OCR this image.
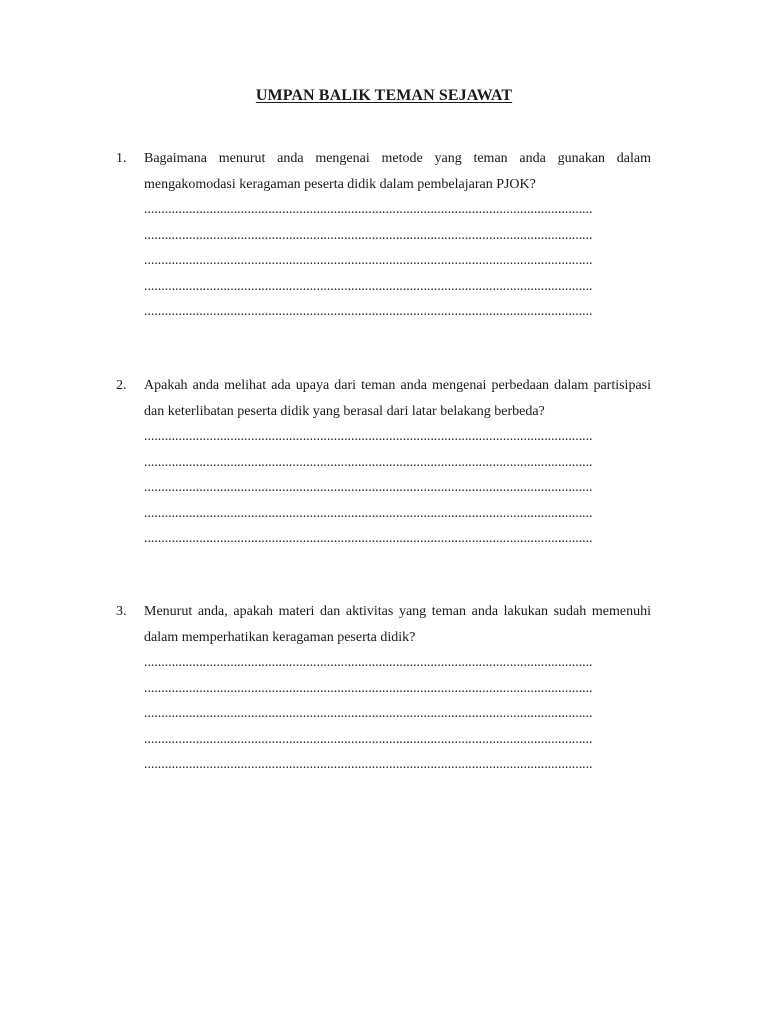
UMPAN BALIK TEMAN SEJAWAT
1. Bagaimana menurut anda mengenai metode yang teman anda gunakan dalam mengakomodasi keragaman peserta didik dalam pembelajaran PJOK?
..................................................................................................................................
..................................................................................................................................
..................................................................................................................................
..................................................................................................................................
..................................................................................................................................
2. Apakah anda melihat ada upaya dari teman anda mengenai perbedaan dalam partisipasi dan keterlibatan peserta didik yang berasal dari latar belakang berbeda?
..................................................................................................................................
..................................................................................................................................
..................................................................................................................................
..................................................................................................................................
..................................................................................................................................
3. Menurut anda, apakah materi dan aktivitas yang teman anda lakukan sudah memenuhi dalam memperhatikan keragaman peserta didik?
..................................................................................................................................
..................................................................................................................................
..................................................................................................................................
..................................................................................................................................
..................................................................................................................................
